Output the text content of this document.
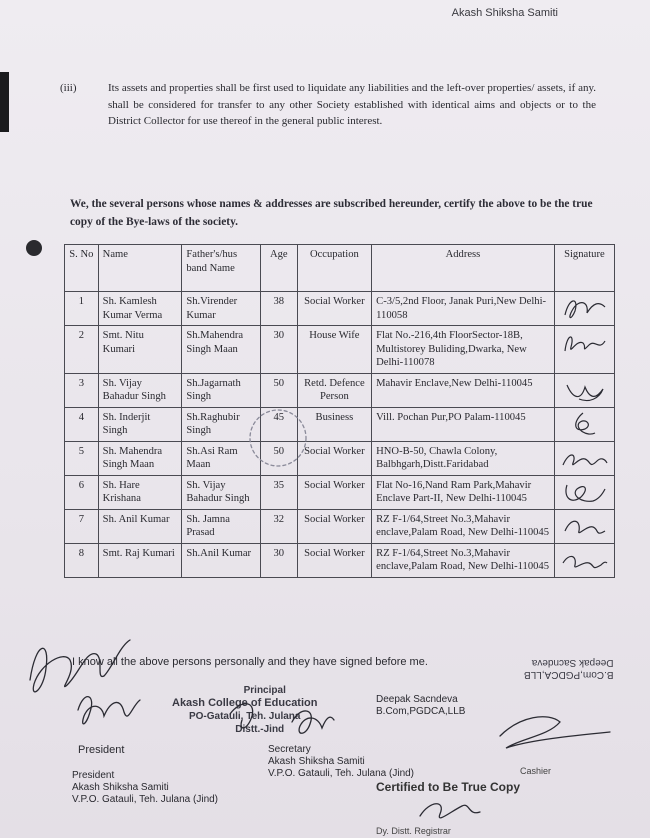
Akash Shiksha Samiti
(iii)	Its assets and properties shall be first used to liquidate any liabilities and the left-over properties/ assets, if any. shall be considered for transfer to any other Society established with identical aims and objects or to the District Collector for use thereof in the general public interest.
We, the several persons whose names & addresses are subscribed hereunder, certify the above to be the true copy of the Bye-laws of the society.
S. No	Name	Father's/hus band Name	Age	Occupation	Address	Signature
1	Sh. Kamlesh Kumar Verma	Sh.Virender Kumar	38	Social Worker	C-3/5,2nd Floor, Janak Puri,New Delhi-110058	

2	Smt. Nitu Kumari	Sh.Mahendra Singh Maan	30	House Wife	Flat No.-216,4th FloorSector-18B, Multistorey Buliding,Dwarka, New Delhi-110078	

3	Sh. Vijay Bahadur Singh	Sh.Jagarnath Singh	50	Retd. Defence Person	Mahavir Enclave,New Delhi-110045	

4	Sh. Inderjit Singh	Sh.Raghubir Singh	45	Business	Vill. Pochan Pur,PO Palam-110045	

5	Sh. Mahendra Singh Maan	Sh.Asi Ram Maan	50	Social Worker	HNO-B-50, Chawla Colony, Balbhgarh,Distt.Faridabad	

6	Sh. Hare Krishana	Sh. Vijay Bahadur Singh	35	Social Worker	Flat No-16,Nand Ram Park,Mahavir Enclave Part-II, New Delhi-110045	

7	Sh. Anil Kumar	Sh. Jamna Prasad	32	Social Worker	RZ F-1/64,Street No.3,Mahavir enclave,Palam Road, New Delhi-110045	

8	Smt. Raj Kumari	Sh.Anil Kumar	30	Social Worker	RZ F-1/64,Street No.3,Mahavir enclave,Palam Road, New Delhi-110045	
B.Com,PGDCA,LLB
Deepak Sacndeva
I know all the above persons personally and they have signed before me.
Principal
Akash College of Education
PO-Gatauli, Teh. Julana
Distt.-Jind
Deepak Sacndeva
B.Com,PGDCA,LLB
President
President
Akash Shiksha Samiti
V.P.O. Gatauli, Teh. Julana (Jind)
Secretary
Akash Shiksha Samiti
V.P.O. Gatauli, Teh. Julana (Jind)	Cashier
Certified to Be True Copy
Dy. Distt. Registrar
